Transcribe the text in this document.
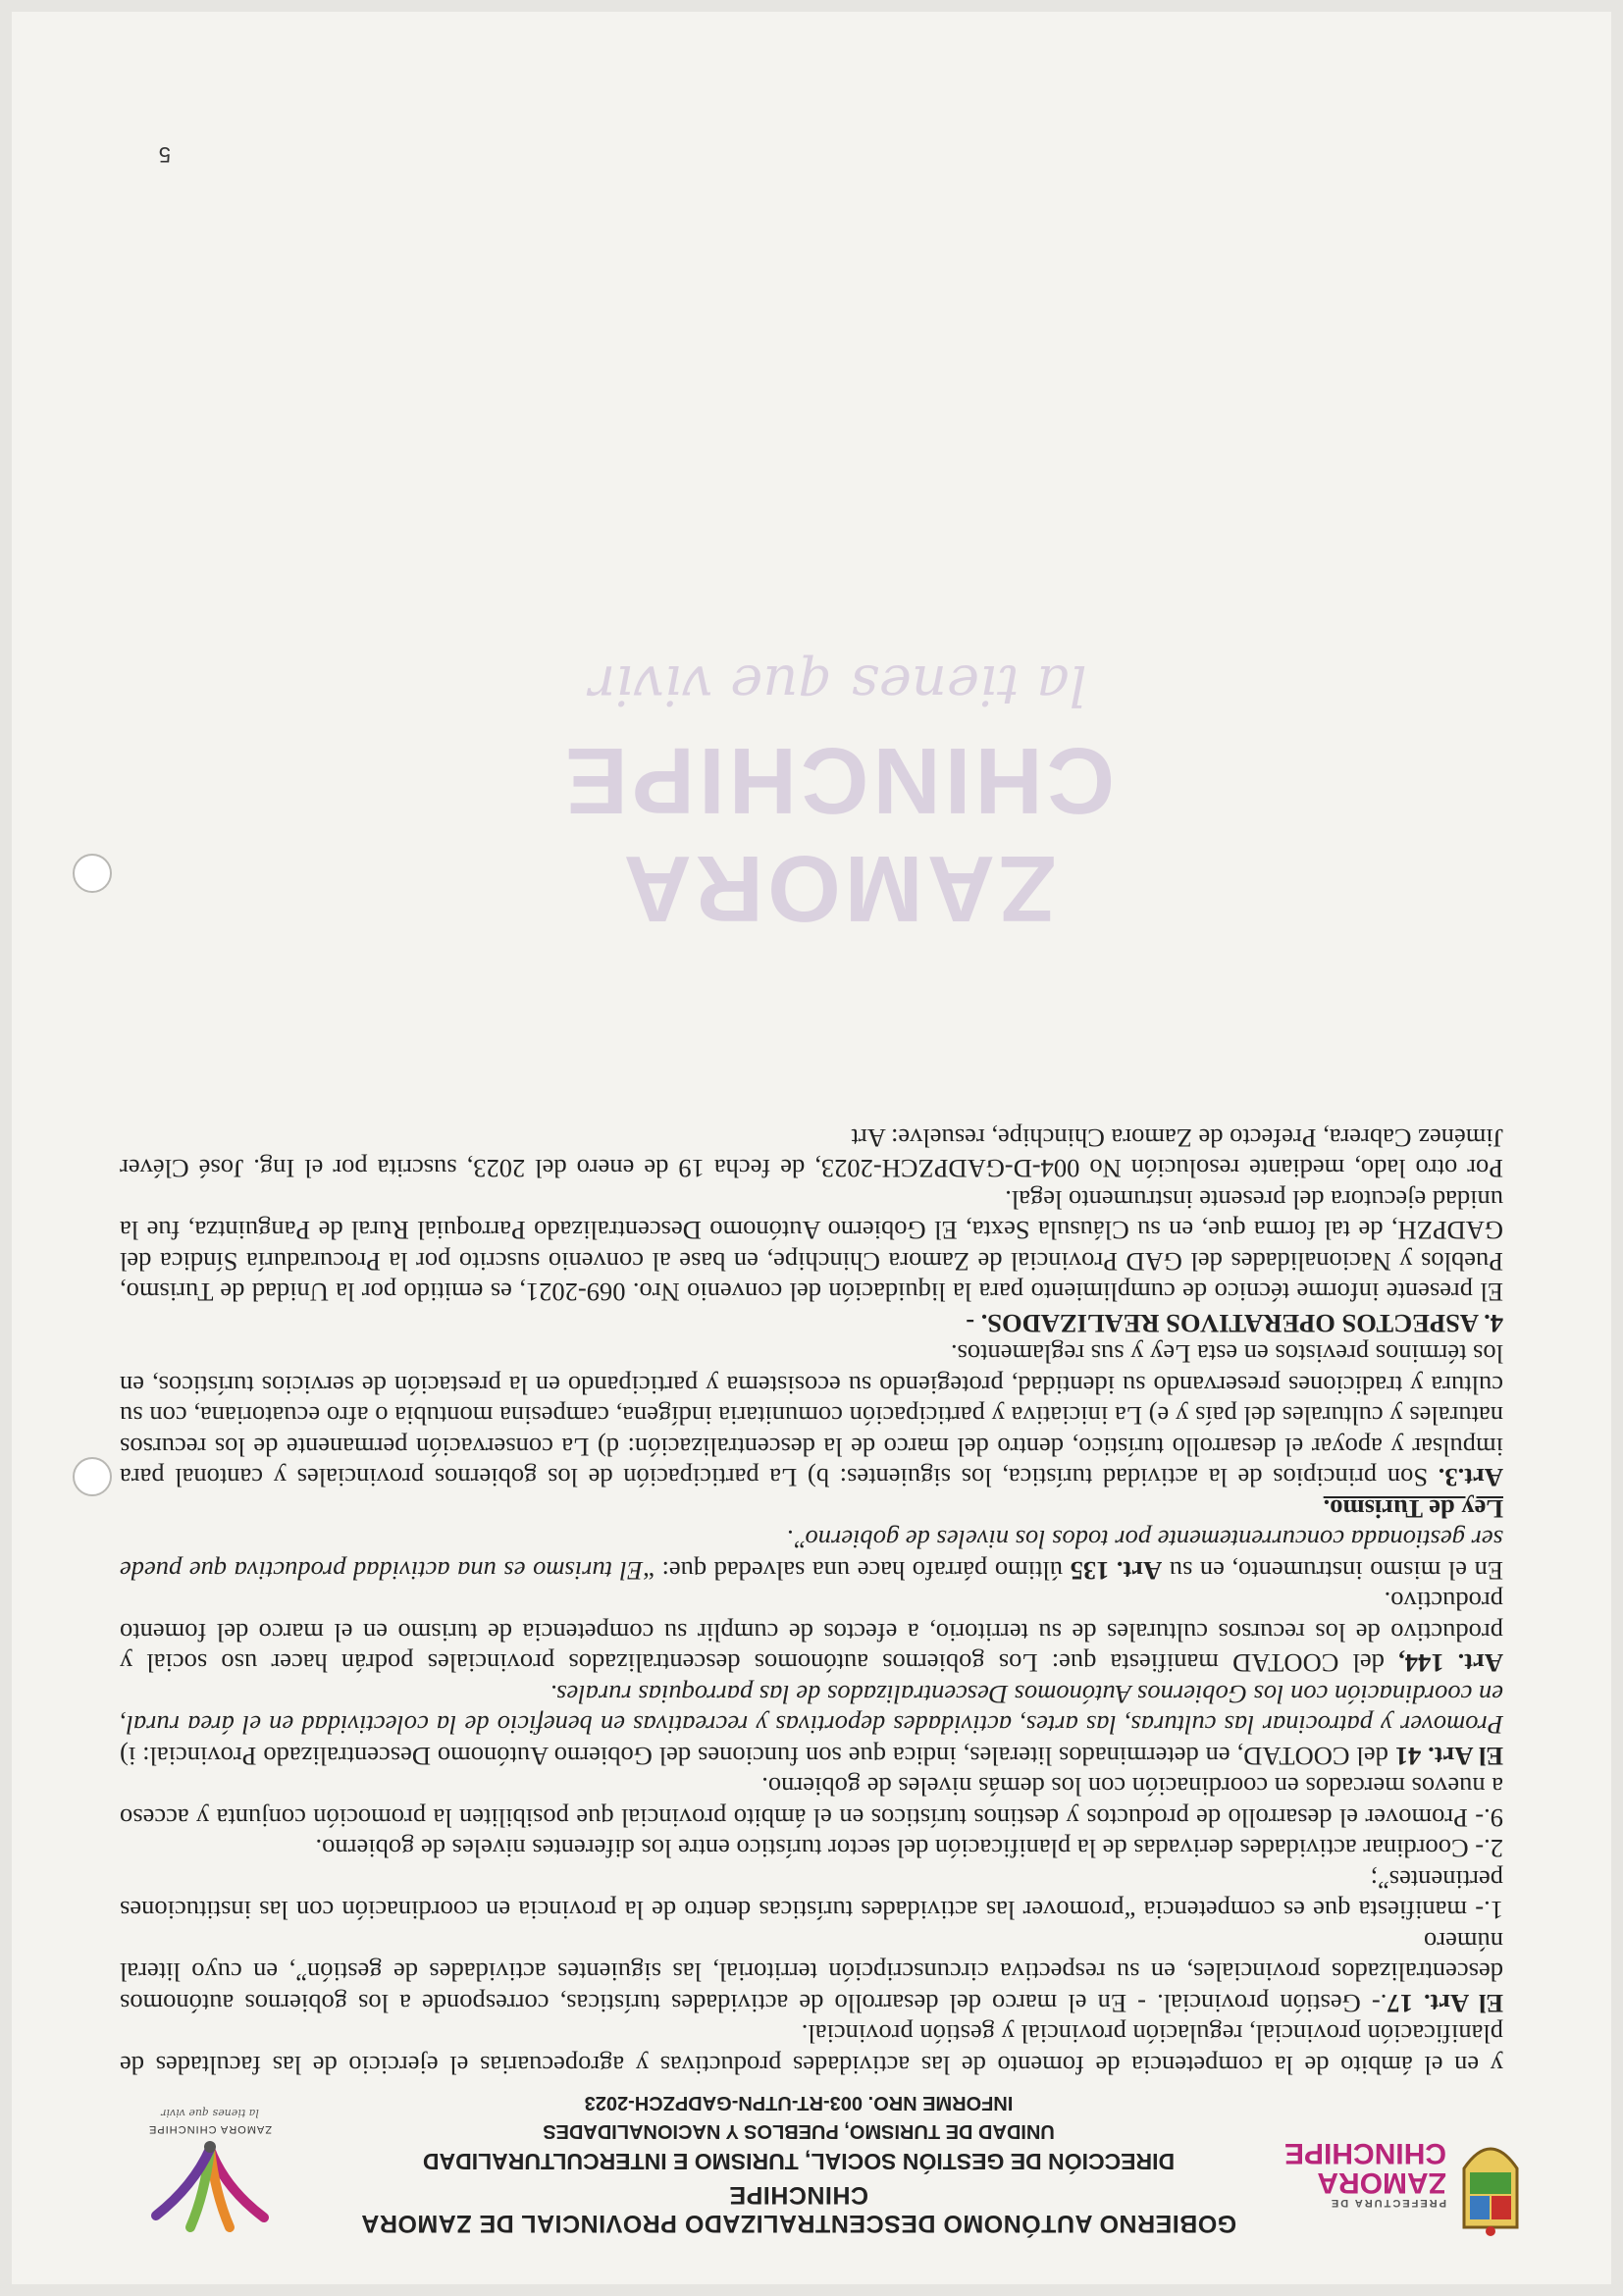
ZAMORA CHINCHIPE
la tienes que vivir
PREFECTURA DE
ZAMORA
CHINCHIPE
GOBIERNO AUTÓNOMO DESCENTRALIZADO PROVINCIAL DE ZAMORA CHINCHIPE
DIRECCIÓN DE GESTIÓN SOCIAL, TURISMO E INTERCULTURALIDAD
UNIDAD DE TURISMO, PUEBLOS Y NACIONALIDADES
INFORME NRO. 003-RT-UTPN-GADPZCH-2023
ZAMORA CHINCHIPE
la tienes que vivir

y en el ámbito de la competencia de fomento de las actividades productivas y agropecuarias el ejercicio de las facultades de planificación provincial, regulación provincial y gestión provincial.

El Art. 17.- Gestión provincial. - En el marco del desarrollo de actividades turísticas, corresponde a los gobiernos autónomos descentralizados provinciales, en su respectiva circunscripción territorial, las siguientes actividades de gestión”, en cuyo literal número

1.- manifiesta que es competencia “promover las actividades turísticas dentro de la provincia en coordinación con las instituciones pertinentes”;

2.- Coordinar actividades derivadas de la planificación del sector turístico entre los diferentes niveles de gobierno.

9.- Promover el desarrollo de productos y destinos turísticos en el ámbito provincial que posibiliten la promoción conjunta y acceso a nuevos mercados en coordinación con los demás niveles de gobierno.

El Art. 41 del COOTAD, en determinados literales, indica que son funciones del Gobierno Autónomo Descentralizado Provincial: i) Promover y patrocinar las culturas, las artes, actividades deportivas y recreativas en beneficio de la colectividad en el área rural, en coordinación con los Gobiernos Autónomos Descentralizados de las parroquias rurales.

Art. 144, del COOTAD manifiesta que: Los gobiernos autónomos descentralizados provinciales podrán hacer uso social y productivo de los recursos culturales de su territorio, a efectos de cumplir su competencia de turismo en el marco del fomento productivo.

En el mismo instrumento, en su Art. 135 último párrafo hace una salvedad que: “El turismo es una actividad productiva que puede ser gestionada concurrentemente por todos los niveles de gobierno”.

Ley de Turismo.

Art.3. Son principios de la actividad turística, los siguientes: b) La participación de los gobiernos provinciales y cantonal para impulsar y apoyar el desarrollo turístico, dentro del marco de la descentralización: d) La conservación permanente de los recursos naturales y culturales del país y e) La iniciativa y participación comunitaria indígena, campesina montubia o afro ecuatoriana, con su cultura y tradiciones preservando su identidad, protegiendo su ecosistema y participando en la prestación de servicios turísticos, en los términos previstos en esta Ley y sus reglamentos.

4. ASPECTOS OPERATIVOS REALIZADOS. -

El presente informe técnico de cumplimiento para la liquidación del convenio Nro. 069-2021, es emitido por la Unidad de Turismo, Pueblos y Nacionalidades del GAD Provincial de Zamora Chinchipe, en base al convenio suscrito por la Procuraduría Síndica del GADPZH, de tal forma que, en su Cláusula Sexta, El Gobierno Autónomo Descentralizado Parroquial Rural de Panguintza, fue la unidad ejecutora del presente instrumento legal.

Por otro lado, mediante resolución No 004-D-GADPZCH-2023, de fecha 19 de enero del 2023, suscrita por el Ing. José Cléver Jiménez Cabrera, Prefecto de Zamora Chinchipe, resuelve: Art

5
